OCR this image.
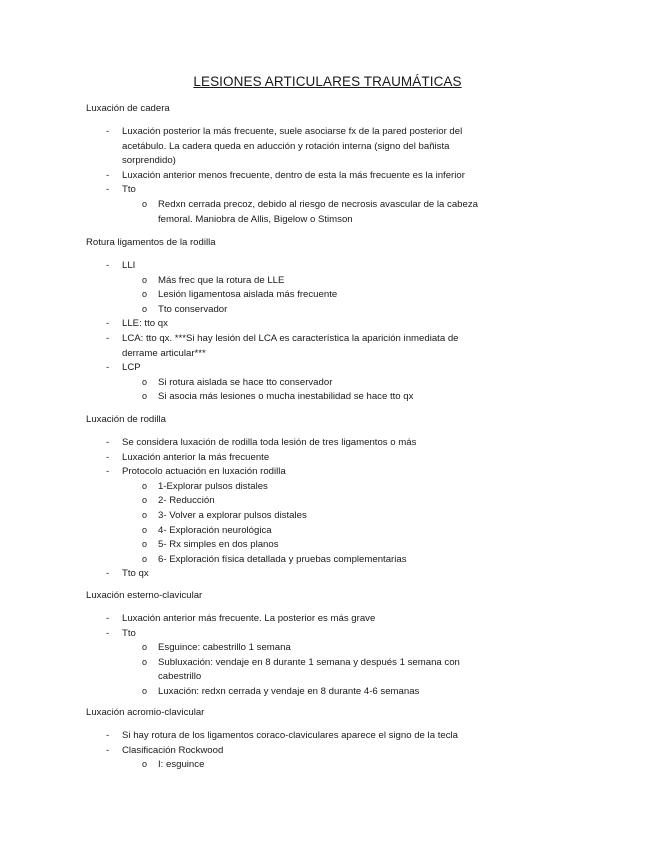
LESIONES ARTICULARES TRAUMÁTICAS
Luxación de cadera
- Luxación posterior la más frecuente, suele asociarse fx de la pared posterior del
acetábulo. La cadera queda en aducción y rotación interna (signo del bañista
sorprendido)
- Luxación anterior menos frecuente, dentro de esta la más frecuente es la inferior
- Tto
o Redxn cerrada precoz, debido al riesgo de necrosis avascular de la cabeza
femoral. Maniobra de Allis, Bigelow o Stimson
Rotura ligamentos de la rodilla
- LLI
o Más frec que la rotura de LLE
o Lesión ligamentosa aislada más frecuente
o Tto conservador
- LLE: tto qx
- LCA: tto qx. ***Si hay lesión del LCA es característica la aparición inmediata de
derrame articular***
- LCP
o Si rotura aislada se hace tto conservador
o Si asocia más lesiones o mucha inestabilidad se hace tto qx
Luxación de rodilla
- Se considera luxación de rodilla toda lesión de tres ligamentos o más
- Luxación anterior la más frecuente
- Protocolo actuación en luxación rodilla
o 1-Explorar pulsos distales
o 2- Reducción
o 3- Volver a explorar pulsos distales
o 4- Exploración neurológica
o 5- Rx simples en dos planos
o 6- Exploración física detallada y pruebas complementarias
- Tto qx
Luxación esterno-clavicular
- Luxación anterior más frecuente. La posterior es más grave
- Tto
o Esguince: cabestrillo 1 semana
o Subluxación: vendaje en 8 durante 1 semana y después 1 semana con
cabestrillo
o Luxación: redxn cerrada y vendaje en 8 durante 4-6 semanas
Luxación acromio-clavicular
- Si hay rotura de los ligamentos coraco-claviculares aparece el signo de la tecla
- Clasificación Rockwood
o I: esguince
